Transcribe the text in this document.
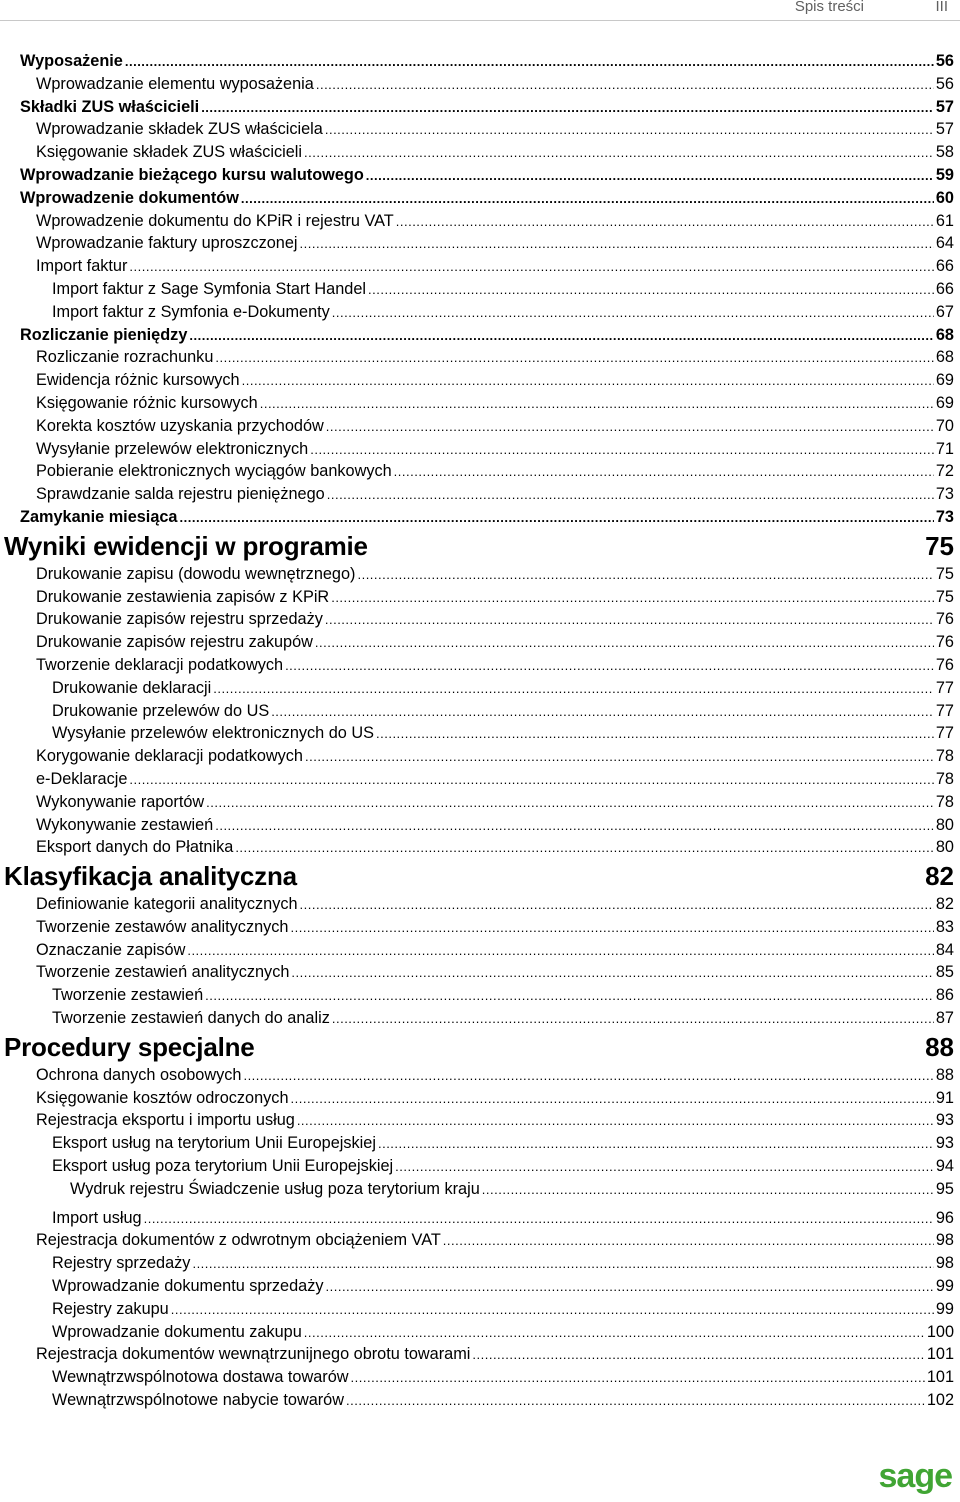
Spis treści	III
Wyposażenie .....	56
Wprowadzanie elementu wyposażenia .....	56
Składki ZUS właścicieli .....	57
Wprowadzanie składek ZUS właściciela .....	57
Księgowanie składek ZUS właścicieli .....	58
Wprowadzanie bieżącego kursu walutowego .....	59
Wprowadzenie dokumentów .....	60
Wprowadzenie dokumentu do KPiR i rejestru VAT .....	61
Wprowadzanie faktury uproszczonej .....	64
Import faktur .....	66
Import faktur z Sage Symfonia Start Handel .....	66
Import faktur z Symfonia e-Dokumenty .....	67
Rozliczanie pieniędzy .....	68
Rozliczanie rozrachunku .....	68
Ewidencja różnic kursowych .....	69
Księgowanie różnic kursowych .....	69
Korekta kosztów uzyskania przychodów .....	70
Wysyłanie przelewów elektronicznych .....	71
Pobieranie elektronicznych wyciągów bankowych .....	72
Sprawdzanie salda rejestru pieniężnego .....	73
Zamykanie miesiąca .....	73
Wyniki ewidencji w programie	75
Drukowanie zapisu (dowodu wewnętrznego) .....	75
Drukowanie zestawienia zapisów z KPiR .....	75
Drukowanie zapisów rejestru sprzedaży .....	76
Drukowanie zapisów rejestru zakupów .....	76
Tworzenie deklaracji podatkowych .....	76
Drukowanie deklaracji .....	77
Drukowanie przelewów do US .....	77
Wysyłanie przelewów elektronicznych do US .....	77
Korygowanie deklaracji podatkowych .....	78
e-Deklaracje .....	78
Wykonywanie raportów .....	78
Wykonywanie zestawień .....	80
Eksport danych do Płatnika .....	80
Klasyfikacja analityczna	82
Definiowanie kategorii analitycznych .....	82
Tworzenie zestawów analitycznych .....	83
Oznaczanie zapisów .....	84
Tworzenie zestawień analitycznych .....	85
Tworzenie zestawień .....	86
Tworzenie zestawień danych do analiz .....	87
Procedury specjalne	88
Ochrona danych osobowych .....	88
Księgowanie kosztów odroczonych .....	91
Rejestracja eksportu i importu usług .....	93
Eksport usług na terytorium Unii Europejskiej .....	93
Eksport usług poza terytorium Unii Europejskiej .....	94
Wydruk rejestru Świadczenie usług poza terytorium kraju .....	95
Import usług .....	96
Rejestracja dokumentów z odwrotnym obciążeniem VAT .....	98
Rejestry sprzedaży .....	98
Wprowadzanie dokumentu sprzedaży .....	99
Rejestry zakupu .....	99
Wprowadzanie dokumentu zakupu .....	100
Rejestracja dokumentów wewnątrzunijnego obrotu towarami .....	101
Wewnątrzwspólnotowa dostawa towarów .....	101
Wewnątrzwspólnotowe nabycie towarów .....	102
sage
